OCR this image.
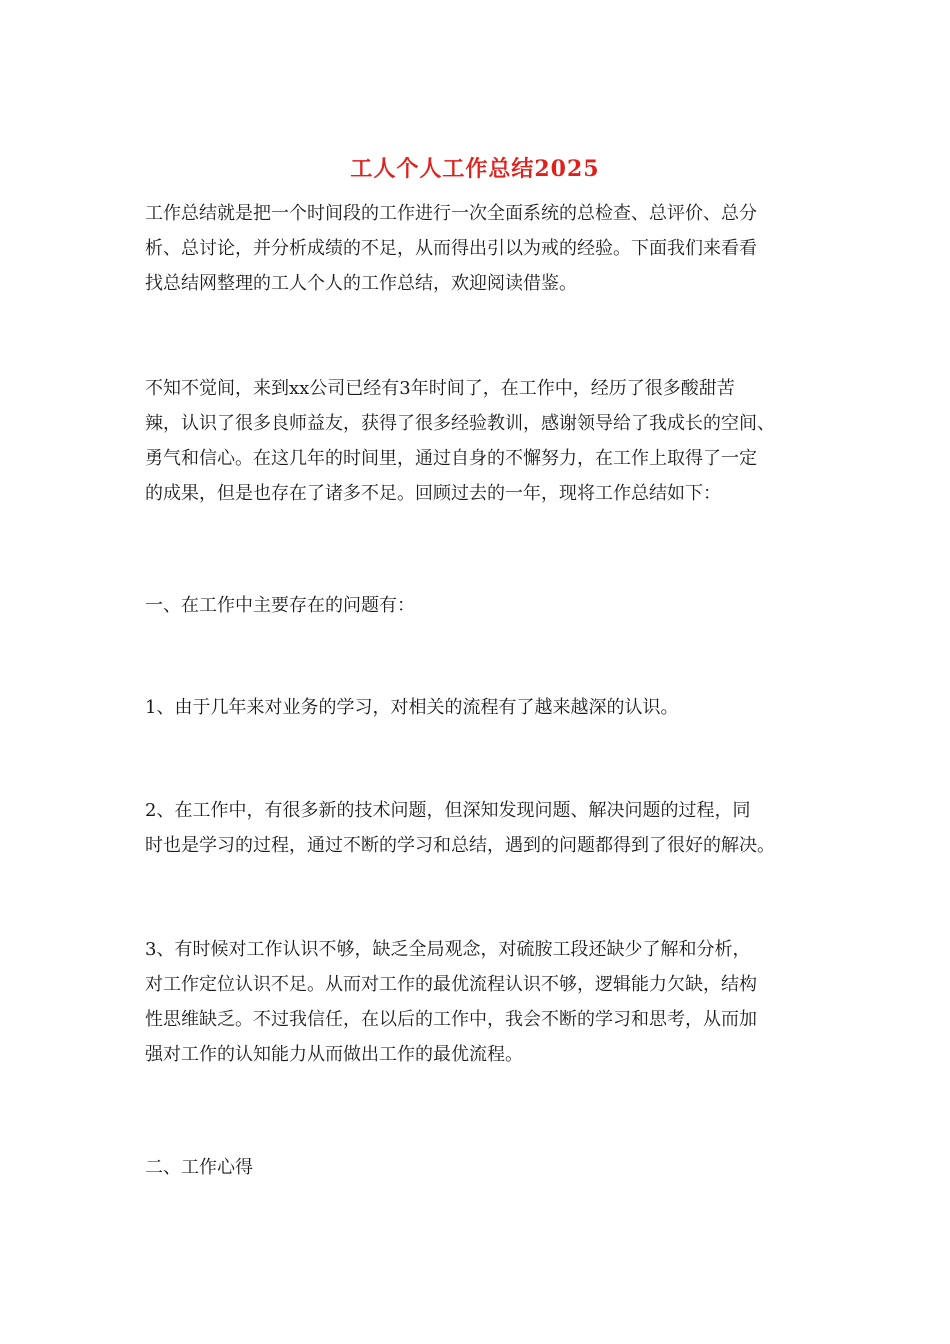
工人个人工作总结2025
工作总结就是把一个时间段的工作进行一次全面系统的总检查、总评价、总分
析、总讨论，并分析成绩的不足，从而得出引以为戒的经验。下面我们来看看
找总结网整理的工人个人的工作总结，欢迎阅读借鉴。
不知不觉间，来到xx公司已经有3年时间了，在工作中，经历了很多酸甜苦
辣，认识了很多良师益友，获得了很多经验教训，感谢领导给了我成长的空间、
勇气和信心。在这几年的时间里，通过自身的不懈努力，在工作上取得了一定
的成果，但是也存在了诸多不足。回顾过去的一年，现将工作总结如下：
一、在工作中主要存在的问题有：
1、由于几年来对业务的学习，对相关的流程有了越来越深的认识。
2、在工作中，有很多新的技术问题，但深知发现问题、解决问题的过程，同
时也是学习的过程，通过不断的学习和总结，遇到的问题都得到了很好的解决。
3、有时候对工作认识不够，缺乏全局观念，对硫胺工段还缺少了解和分析，
对工作定位认识不足。从而对工作的最优流程认识不够，逻辑能力欠缺，结构
性思维缺乏。不过我信任，在以后的工作中，我会不断的学习和思考，从而加
强对工作的认知能力从而做出工作的最优流程。
二、工作心得
